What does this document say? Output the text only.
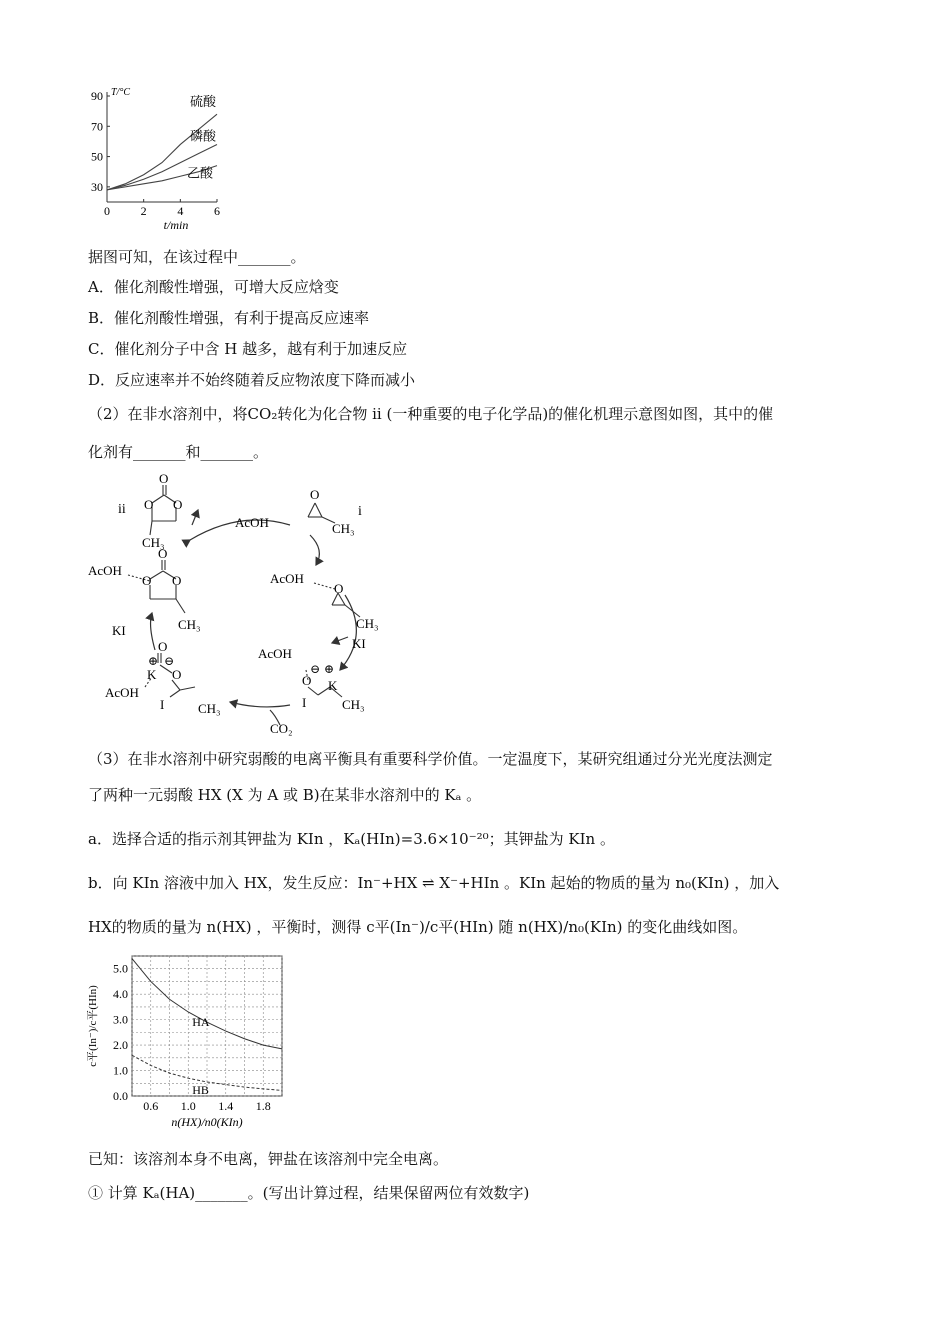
0	2	4	6
30
50
70
90 T/°C
t/min
硫酸
磷酸
乙酸
据图可知，在该过程中_______。
A．催化剂酸性增强，可增大反应焓变
B．催化剂酸性增强，有利于提高反应速率
C．催化剂分子中含 H 越多，越有利于加速反应
D．反应速率并不始终随着反应物浓度下降而减小
（2）在非水溶剂中，将CO₂转化为化合物 ii (一种重要的电子化学品)的催化机理示意图如图，其中的催
化剂有_______和_______。
ii
O
O O
CH₃
AcOH
i
O
CH₃
AcOH
O
O O
CH₃
AcOH
O
CH₃
KI
KI
AcOH
O
⊖ ⊕
K
I	CH₃
CO₂
AcOH
⊕ ⊖
K
O
O
I	CH₃
（3）在非水溶剂中研究弱酸的电离平衡具有重要科学价值。一定温度下，某研究组通过分光光度法测定
了两种一元弱酸 HX (X 为 A 或 B)在某非水溶剂中的 Kₐ 。
a．选择合适的指示剂其钾盐为 KIn ，Kₐ(HIn)=3.6×10⁻²⁰；其钾盐为 KIn 。
b．向 KIn 溶液中加入 HX，发生反应：In⁻+HX ⇌ X⁻+HIn 。KIn 起始的物质的量为 n₀(KIn) ，加入
HX的物质的量为 n(HX) ，平衡时，测得 c平(In⁻)/c平(HIn) 随 n(HX)/n₀(KIn) 的变化曲线如图。
0.6 1.0 1.4 1.8
0.0
1.0
2.0
3.0
4.0
5.0
n(HX)/n0(KIn)
c平(In⁻)/c平(HIn)	HA
HB
已知：该溶剂本身不电离，钾盐在该溶剂中完全电离。
① 计算 Kₐ(HA)_______。(写出计算过程，结果保留两位有效数字)
